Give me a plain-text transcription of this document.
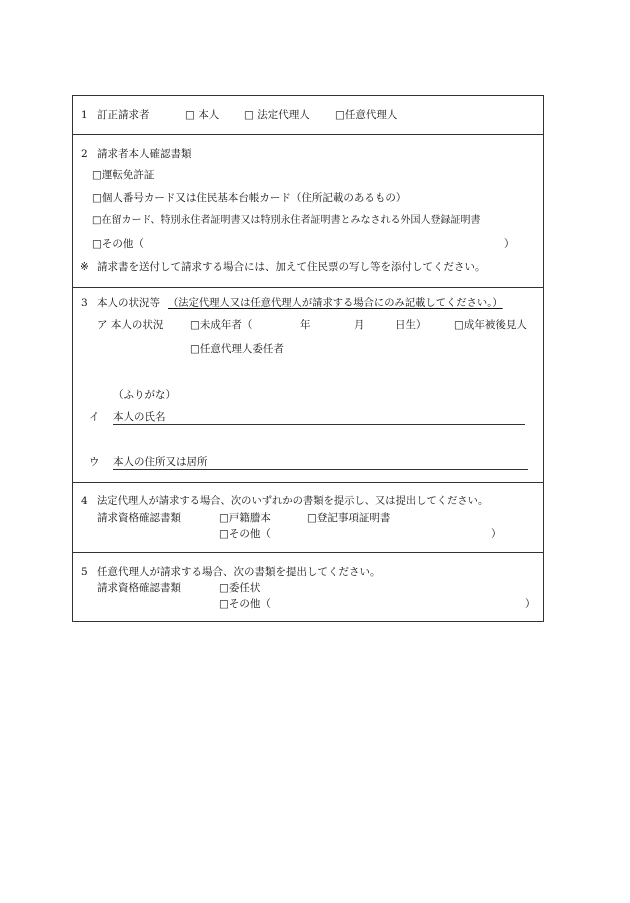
1 訂正請求者	□ 本人 □ 法定代理人 □任意代理人
2 請求者本人確認書類
□運転免許証
□個人番号カード又は住民基本台帳カード（住所記載のあるもの）
□在留カード、特別永住者証明書又は特別永住者証明書とみなされる外国人登録証明書
□その他（	）
※ 請求書を送付して請求する場合には、加えて住民票の写し等を添付してください。
3 本人の状況等 （法定代理人又は任意代理人が請求する場合にのみ記載してください。）
ア 本人の状況	□未成年者（	年	月	日生）	□成年被後見人
□任意代理人委任者
（ふりがな）
イ 本人の氏名
ウ 本人の住所又は居所
4 法定代理人が請求する場合、次のいずれかの書類を提示し、又は提出してください。
請求資格確認書類	□戸籍謄本	□登記事項証明書
□その他（	）
5 任意代理人が請求する場合、次の書類を提出してください。
請求資格確認書類	□委任状
□その他（	）
